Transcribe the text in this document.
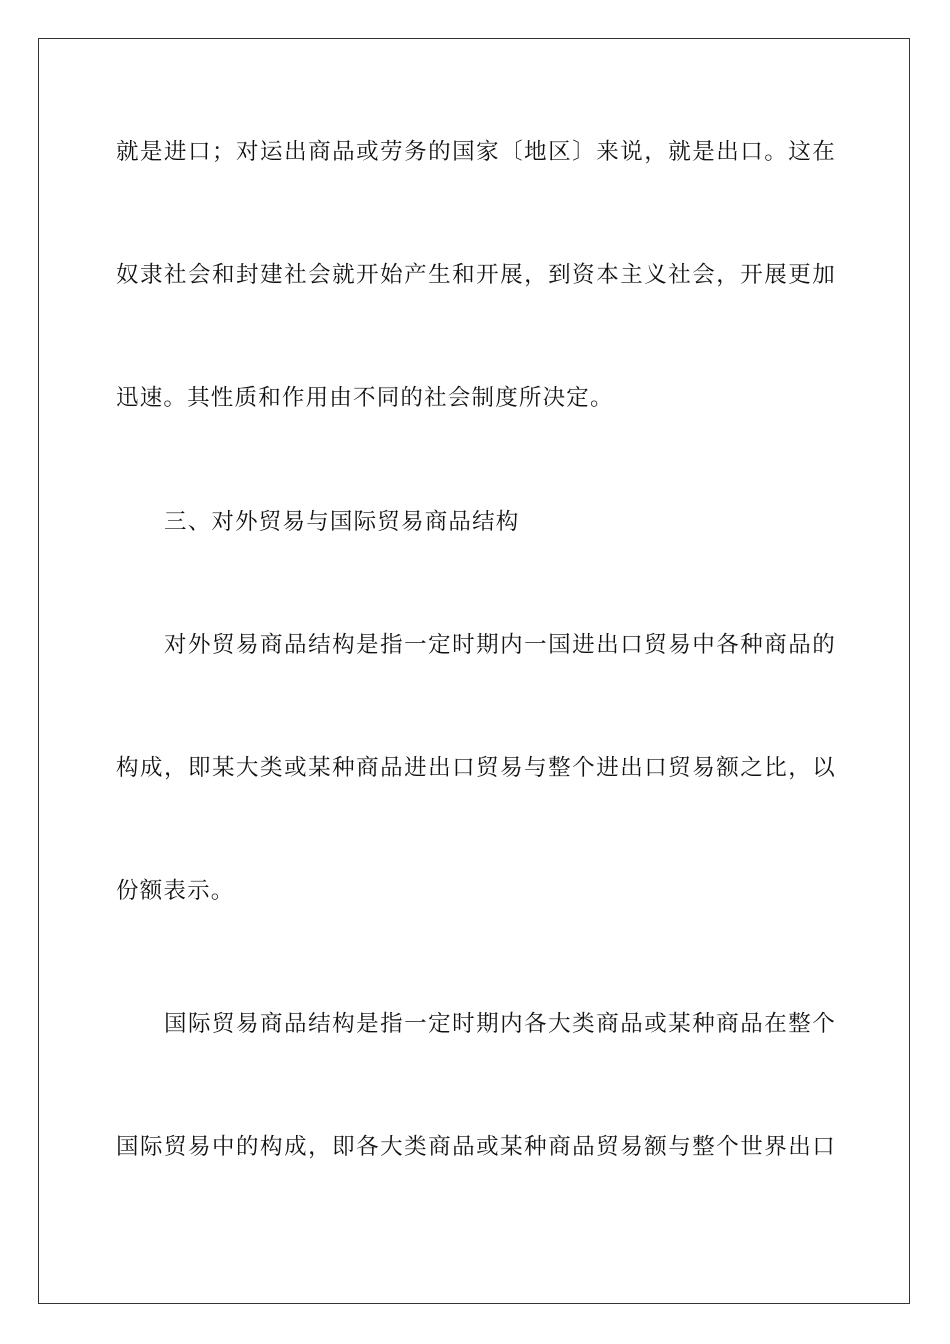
就是进口；对运出商品或劳务的国家〔地区〕来说，就是出口。这在
奴隶社会和封建社会就开始产生和开展，到资本主义社会，开展更加
迅速。其性质和作用由不同的社会制度所决定。
三、对外贸易与国际贸易商品结构
对外贸易商品结构是指一定时期内一国进出口贸易中各种商品的
构成，即某大类或某种商品进出口贸易与整个进出口贸易额之比，以
份额表示。
国际贸易商品结构是指一定时期内各大类商品或某种商品在整个
国际贸易中的构成，即各大类商品或某种商品贸易额与整个世界出口
